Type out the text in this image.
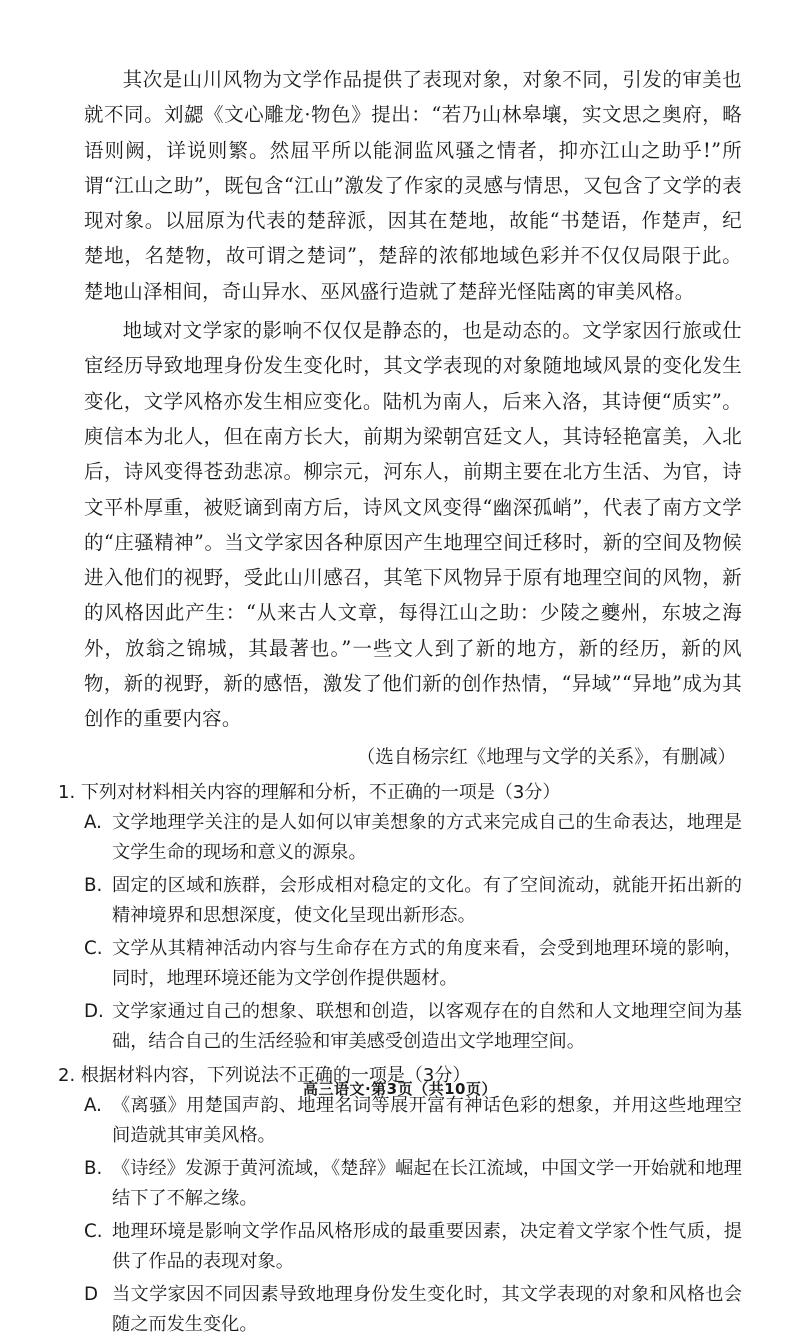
其次是山川风物为文学作品提供了表现对象，对象不同，引发的审美也就不同。刘勰《文心雕龙·物色》提出：“若乃山林皋壤，实文思之奥府，略语则阙，详说则繁。然屈平所以能洞监风骚之情者，抑亦江山之助乎!”所谓“江山之助”，既包含“江山”激发了作家的灵感与情思，又包含了文学的表现对象。以屈原为代表的楚辞派，因其在楚地，故能“书楚语，作楚声，纪楚地，名楚物，故可谓之楚词”，楚辞的浓郁地域色彩并不仅仅局限于此。楚地山泽相间，奇山异水、巫风盛行造就了楚辞光怪陆离的审美风格。

地域对文学家的影响不仅仅是静态的，也是动态的。文学家因行旅或仕宦经历导致地理身份发生变化时，其文学表现的对象随地域风景的变化发生变化，文学风格亦发生相应变化。陆机为南人，后来入洛，其诗便“质实”。庾信本为北人，但在南方长大，前期为梁朝宫廷文人，其诗轻艳富美，入北后，诗风变得苍劲悲凉。柳宗元，河东人，前期主要在北方生活、为官，诗文平朴厚重，被贬谪到南方后，诗风文风变得“幽深孤峭”，代表了南方文学的“庄骚精神”。当文学家因各种原因产生地理空间迁移时，新的空间及物候进入他们的视野，受此山川感召，其笔下风物异于原有地理空间的风物，新的风格因此产生：“从来古人文章，每得江山之助：少陵之夔州，东坡之海外，放翁之锦城，其最著也。”一些文人到了新的地方，新的经历，新的风物，新的视野，新的感悟，激发了他们新的创作热情，“异域”“异地”成为其创作的重要内容。

（选自杨宗红《地理与文学的关系》，有删减）
1. 下列对材料相关内容的理解和分析，不正确的一项是（3分）
A. 文学地理学关注的是人如何以审美想象的方式来完成自己的生命表达，地理是文学生命的现场和意义的源泉。
B. 固定的区域和族群，会形成相对稳定的文化。有了空间流动，就能开拓出新的精神境界和思想深度，使文化呈现出新形态。
C. 文学从其精神活动内容与生命存在方式的角度来看，会受到地理环境的影响，同时，地理环境还能为文学创作提供题材。
D. 文学家通过自己的想象、联想和创造，以客观存在的自然和人文地理空间为基础，结合自己的生活经验和审美感受创造出文学地理空间。
2. 根据材料内容，下列说法不正确的一项是（3分）
A. 《离骚》用楚国声韵、地理名词等展开富有神话色彩的想象，并用这些地理空间造就其审美风格。
B. 《诗经》发源于黄河流域，《楚辞》崛起在长江流域，中国文学一开始就和地理结下了不解之缘。
C. 地理环境是影响文学作品风格形成的最重要因素，决定着文学家个性气质，提供了作品的表现对象。
D 当文学家因不同因素导致地理身份发生变化时，其文学表现的对象和风格也会随之而发生变化。
高三语文·第3页（共10页）
